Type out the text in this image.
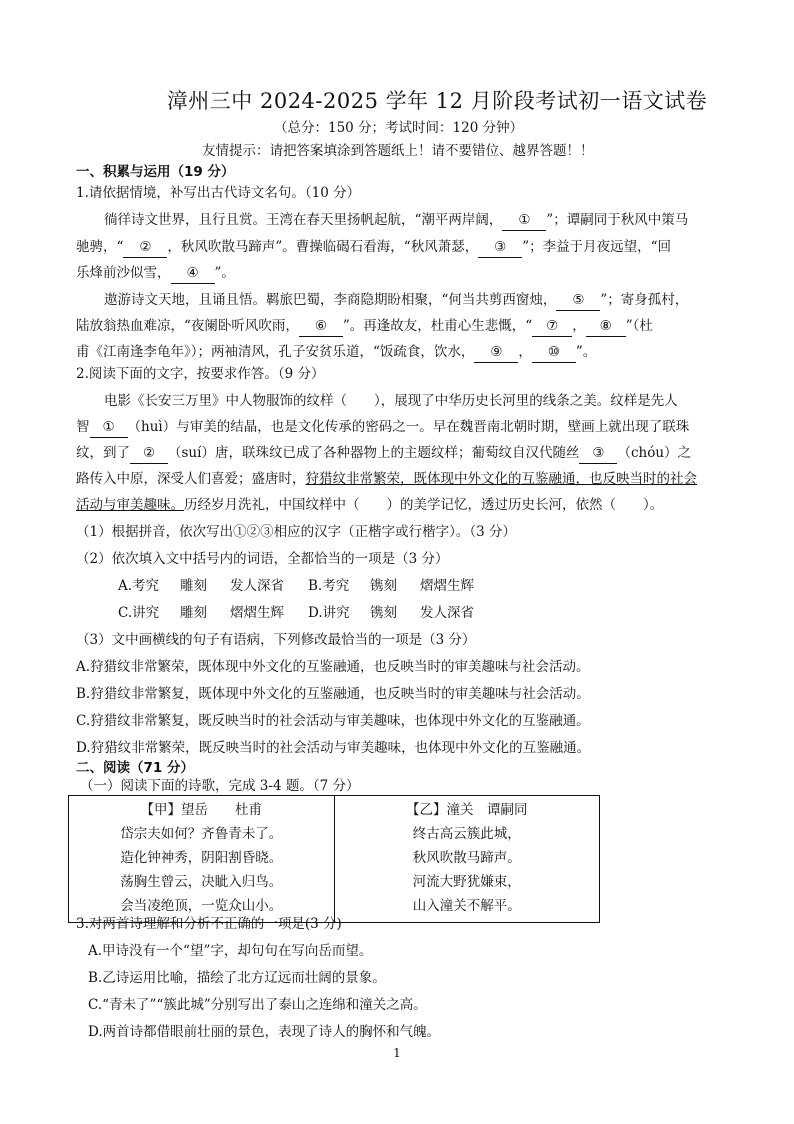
漳州三中 2024-2025 学年 12 月阶段考试初一语文试卷
（总分：150 分；考试时间：120 分钟）
友情提示：请把答案填涂到答题纸上！请不要错位、越界答题！！
一、积累与运用（19 分）
1.请依据情境，补写出古代诗文名句。（10 分）
徜徉诗文世界，且行且赏。王湾在春天里扬帆起航，“潮平两岸阔， ① ”；谭嗣同于秋风中策马
驰骋，“ ② ，秋风吹散马蹄声”。曹操临碣石看海，“秋风萧瑟， ③ ”；李益于月夜远望，“回
乐烽前沙似雪， ④ ”。
遨游诗文天地，且诵且悟。羁旅巴蜀，李商隐期盼相聚，“何当共剪西窗烛， ⑤ ”；寄身孤村，
陆放翁热血难凉，“夜阑卧听风吹雨， ⑥ ”。再逢故友，杜甫心生悲慨，“ ⑦ ， ⑧ ”（杜
甫《江南逢李龟年》）；两袖清风，孔子安贫乐道，“饭疏食，饮水， ⑨ ， ⑩ ”。
2.阅读下面的文字，按要求作答。（9 分）
电影《长安三万里》中人物服饰的纹样（　　），展现了中华历史长河里的线条之美。纹样是先人
智 ① （huì）与审美的结晶，也是文化传承的密码之一。早在魏晋南北朝时期，壁画上就出现了联珠
纹，到了 ② （suí）唐，联珠纹已成了各种器物上的主题纹样；葡萄纹自汉代随丝 ③ （chóu）之
路传入中原，深受人们喜爱；盛唐时，狩猎纹非常繁荣，既体现中外文化的互鉴融通，也反映当时的社会
活动与审美趣味。历经岁月洗礼，中国纹样中（　　）的美学记忆，透过历史长河，依然（　　）。
（1）根据拼音，依次写出①②③相应的汉字（正楷字或行楷字）。（3 分）
（2）依次填入文中括号内的词语，全都恰当的一项是（3 分）
A.考究 雕刻 发人深省 B.考究 镌刻 熠熠生辉
C.讲究 雕刻 熠熠生辉 D.讲究 镌刻 发人深省
（3）文中画横线的句子有语病，下列修改最恰当的一项是（3 分）
A.狩猎纹非常繁荣，既体现中外文化的互鉴融通，也反映当时的审美趣味与社会活动。
B.狩猎纹非常繁复，既体现中外文化的互鉴融通，也反映当时的审美趣味与社会活动。
C.狩猎纹非常繁复，既反映当时的社会活动与审美趣味，也体现中外文化的互鉴融通。
D.狩猎纹非常繁荣，既反映当时的社会活动与审美趣味，也体现中外文化的互鉴融通。
二、阅读（71 分）
（一）阅读下面的诗歌，完成 3-4 题。（7 分）
【甲】望岳　　杜甫
岱宗夫如何？齐鲁青未了。
造化钟神秀，阴阳割昏晓。
荡胸生曾云，决眦入归鸟。
会当凌绝顶，一览众山小。

【乙】潼关　谭嗣同
终古高云簇此城，
秋风吹散马蹄声。
河流大野犹嫌束，
山入潼关不解平。
3.对两首诗理解和分析不正确的一项是(3 分)
A.甲诗没有一个“望”字，却句句在写向岳而望。
B.乙诗运用比喻，描绘了北方辽远而壮阔的景象。
C.“青未了”“簇此城”分别写出了泰山之连绵和潼关之高。
D.两首诗都借眼前壮丽的景色，表现了诗人的胸怀和气魄。
1
